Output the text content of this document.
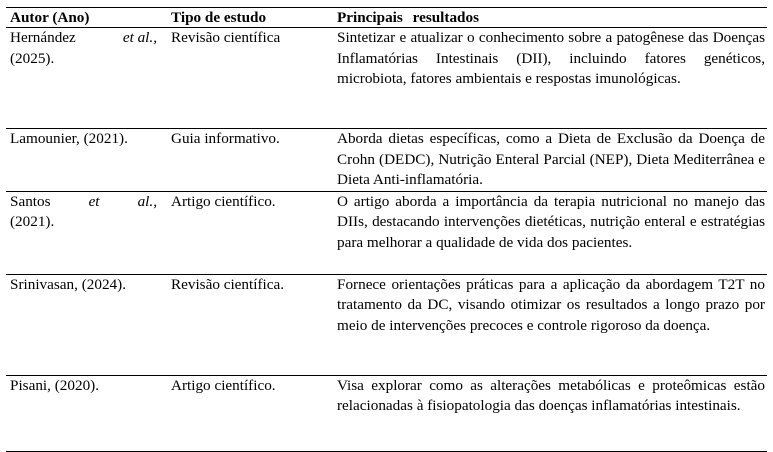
Autor (Ano)	Tipo de estudo	Principais resultados

Hernández et al.,
(2025).	Revisão científica	Sintetizar e atualizar o conhecimento sobre a patogênese das Doenças Inflamatórias Intestinais (DII), incluindo fatores genéticos, microbiota, fatores ambientais e respostas imunológicas.
Lamounier, (2021).	Guia informativo.	Aborda dietas específicas, como a Dieta de Exclusão da Doença de Crohn (DEDC), Nutrição Enteral Parcial (NEP), Dieta Mediterrânea e Dieta Anti-inflamatória.

Santos et al.,
(2021).	Artigo científico.	O artigo aborda a importância da terapia nutricional no manejo das DIIs, destacando intervenções dietéticas, nutrição enteral e estratégias para melhorar a qualidade de vida dos pacientes.
Srinivasan, (2024).	Revisão científica.	Fornece orientações práticas para a aplicação da abordagem T2T no tratamento da DC, visando otimizar os resultados a longo prazo por meio de intervenções precoces e controle rigoroso da doença.
Pisani, (2020).	Artigo científico.	Visa explorar como as alterações metabólicas e proteômicas estão relacionadas à fisiopatologia das doenças inflamatórias intestinais.
